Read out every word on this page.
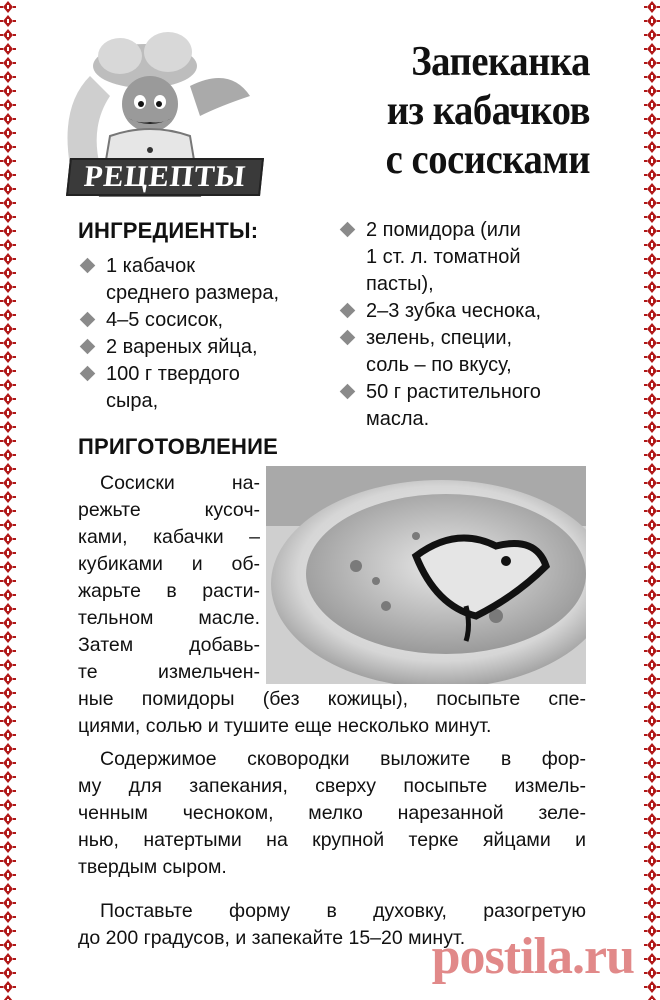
РЕЦЕПТЫ
Запеканка
из кабачков
с сосисками
ИНГРЕДИЕНТЫ:
1 кабачок
среднего размера,
4–5 сосисок,
2 вареных яйца,
100 г твердого
сыра,
2 помидора (или
1 ст. л. томатной
пасты),
2–3 зубка чеснока,
зелень, специи,
соль – по вкусу,
50 г растительного
масла.
ПРИГОТОВЛЕНИЕ

Сосиски на-
режьте кусоч-
ками, кабачки –
кубиками и об-
жарьте в расти-
тельном масле.
Затем добавь-
те измельчен-

ные помидоры (без кожицы), посыпьте спе-
циями, солью и тушите еще несколько минут.

Содержимое сковородки выложите в фор-
му для запекания, сверху посыпьте измель-
ченным чесноком, мелко нарезанной зеле-
нью, натертыми на крупной терке яйцами и
твердым сыром.

Поставьте форму в духовку, разогретую
до 200 градусов, и запекайте 15–20 минут.

postila.ru
